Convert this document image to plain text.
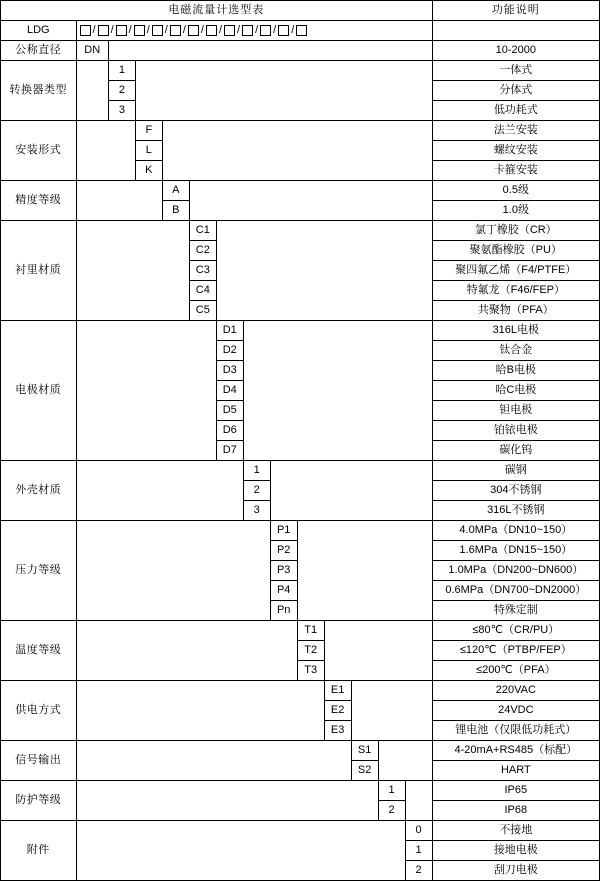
电磁流量计选型表														功能说明
LDG	/ / / / / / / / / / / /

公称直径	DN													10-2000
转换器类型		1												一体式
		2												分体式
		3												低功耗式
安装形式			F											法兰安装
			L											螺纹安装
			K											卡箍安装
精度等级				A										0.5级
				B										1.0级
衬里材质					C1									氯丁橡胶（CR）
					C2									聚氨酯橡胶（PU）
					C3									聚四氟乙烯（F4/PTFE）
					C4									特氟龙（F46/FEP）
					C5									共聚物（PFA）
电极材质						D1								316L电极
						D2								钛合金
						D3								哈B电极
						D4								哈C电极
						D5								钽电极
						D6								铂铱电极
						D7								碳化钨
外壳材质							1							碳钢
							2							304不锈钢
							3							316L不锈钢
压力等级								P1						4.0MPa（DN10~150）
								P2						1.6MPa（DN15~150）
								P3						1.0MPa（DN200~DN600）
								P4						0.6MPa（DN700~DN2000）
								Pn						特殊定制
温度等级									T1					≤80℃（CR/PU）
									T2					≤120℃（PTBP/FEP）
									T3					≤200℃（PFA）
供电方式										E1				220VAC
										E2				24VDC
										E3				锂电池（仅限低功耗式）
信号输出											S1			4-20mA+RS485（标配）
											S2			HART
防护等级												1		IP65
												2		IP68
附件													0	不接地
													1	接地电极
													2	刮刀电极
